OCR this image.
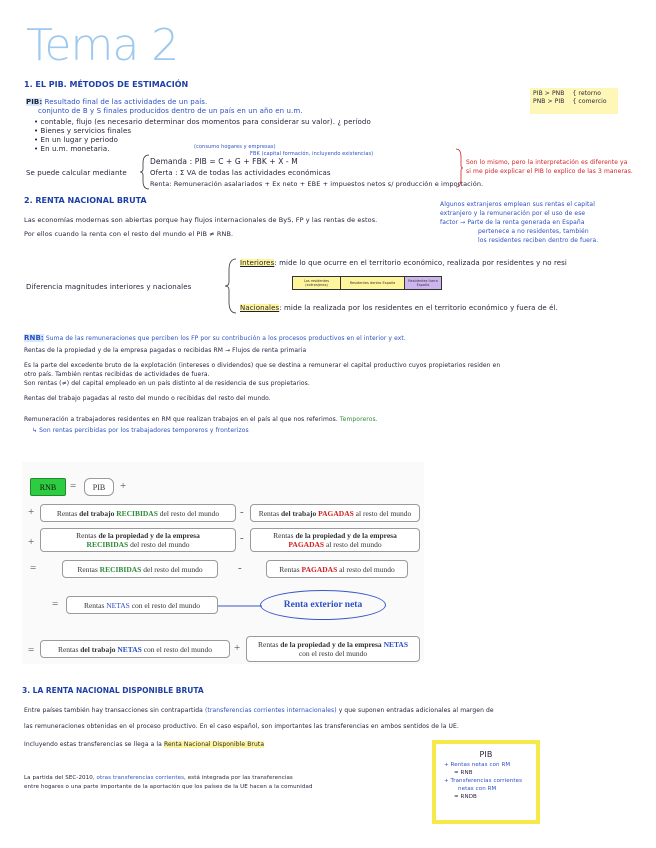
Tema 2
PIB > PNB { retorno
PNB > PIB { comercio
1. EL PIB. MÉTODOS DE ESTIMACIÓN
PIB: Resultado final de las actividades de un país.
conjunto de B y S finales producidos dentro de un país en un año en u.m.
• contable, flujo (es necesario determinar dos momentos para considerar su valor). ¿ período
• Bienes y servicios finales
• En un lugar y periodo
• En u.m. monetaria.
Se puede calcular mediante
(consumo hogares y empresas)
FBK (capital formación, incluyendo existencias)
Demanda : PIB = C + G + FBK + X - M
Oferta : Σ VA de todas las actividades económicas
Renta: Remuneración asalariados + Ex neto + EBE + impuestos netos s/ producción e importación.
Son lo mismo, pero la interpretación es diferente ya
si me pide explicar el PIB lo explico de las 3 maneras.
2. RENTA NACIONAL BRUTA
Las economías modernas son abiertas porque hay flujos internacionales de ByS, FP y las rentas de estos.
Por ellos cuando la renta con el resto del mundo el PIB ≠ RNB.
Algunos extranjeros emplean sus rentas el capital
extranjero y la remuneración por el uso de ese
factor → Parte de la renta generada en España
pertenece a no residentes, también
los residentes reciben dentro de fuera.
Diferencia magnitudes interiores y nacionales
Interiores: mide lo que ocurre en el territorio económico, realizada por residentes y no resi
Los residentes (extranjeros)	Residentes dentro España	Residentes fuera España
Nacionales: mide la realizada por los residentes en el territorio económico y fuera de él.
RNB: Suma de las remuneraciones que perciben los FP por su contribución a los procesos productivos en el interior y ext.
Rentas de la propiedad y de la empresa pagadas o recibidas RM → Flujos de renta primaria
Es la parte del excedente bruto de la explotación (intereses o dividendos) que se destina a remunerar el capital productivo cuyos propietarios residen en
otro país. También rentas recibidas de actividades de fuera.
Son rentas (≠) del capital empleado en un país distinto al de residencia de sus propietarios.
Rentas del trabajo pagadas al resto del mundo o recibidas del resto del mundo.
Remuneración a trabajadores residentes en RM que realizan trabajos en el país al que nos referimos. Temporeros.
↳ Son rentas percibidas por los trabajadores temporeros y fronterizos
RNB = PIB +
+	Rentas del trabajo RECIBIDAS del resto del mundo - Rentas del trabajo PAGADAS al resto del mundo
+
Rentas de la propiedad y de la empresa
RECIBIDAS del resto del mundo
-	Rentas de la propiedad y de la empresa
PAGADAS al resto del mundo
=	Rentas RECIBIDAS del resto del mundo	-	Rentas PAGADAS al resto del mundo
=	Rentas NETAS con el resto del mundo	Renta exterior neta
=	Rentas del trabajo NETAS con el resto del mundo + Rentas de la propiedad y de la empresa NETAS
con el resto del mundo
3. LA RENTA NACIONAL DISPONIBLE BRUTA
Entre países también hay transacciones sin contrapartida (transferencias corrientes internacionales) y que suponen entradas adicionales al margen de
las remuneraciones obtenidas en el proceso productivo. En el caso español, son importantes las transferencias en ambos sentidos de la UE.
Incluyendo estas transferencias se llega a la Renta Nacional Disponible Bruta
La partida del SEC-2010, otras transferencias corrientes, está integrada por las transferencias
entre hogares o una parte importante de la aportación que los países de la UE hacen a la comunidad
PIB
+ Rentas netas con RM
= RNB
+ Transferencias corrientes
netas con RM
= RNDB
